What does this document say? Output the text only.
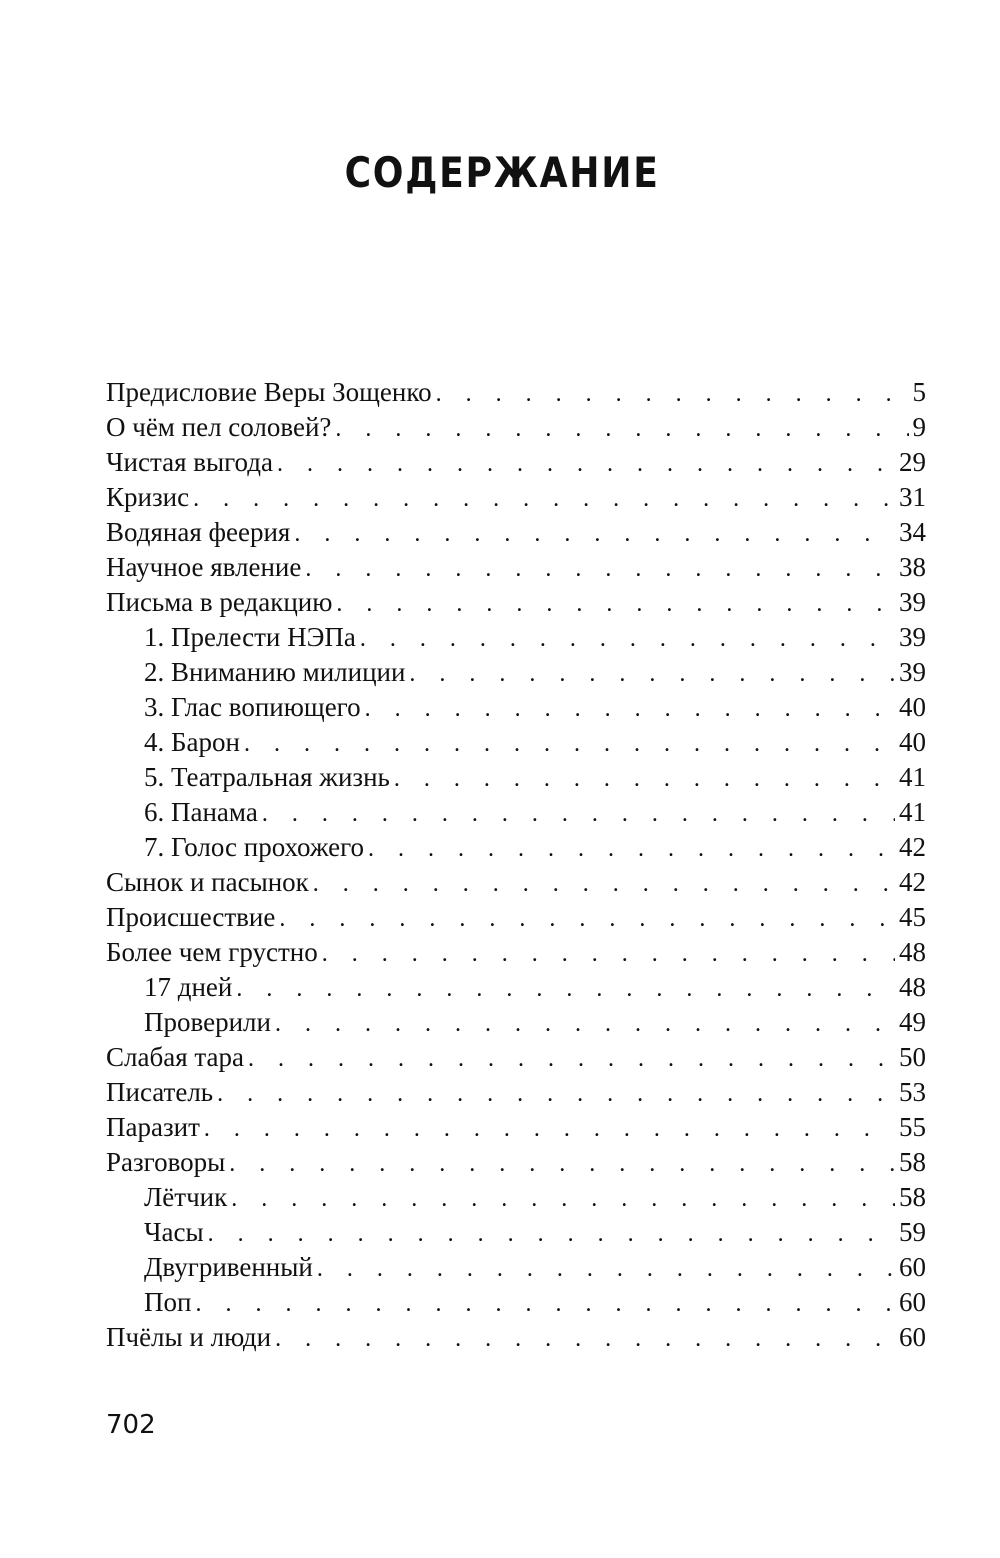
СОДЕРЖАНИЕ
Предисловие Веры Зощенко . . .	5
О чём пел соловей? . . .	9
Чистая выгода . . .	29
Кризис . . .	31
Водяная феерия . . .	34
Научное явление . . .	38
Письма в редакцию . . .	39
1. Прелести НЭПа . . .	39
2. Вниманию милиции . . .	39
3. Глас вопиющего . . .	40
4. Барон . . .	40
5. Театральная жизнь . . .	41
6. Панама . . .	41
7. Голос прохожего . . .	42
Сынок и пасынок . . .	42
Происшествие . . .	45
Более чем грустно . . .	48
17 дней . . .	48
Проверили . . .	49
Слабая тара . . .	50
Писатель . . .	53
Паразит . . .	55
Разговоры . . .	58
Лётчик . . .	58
Часы . . .	59
Двугривенный . . .	60
Поп . . .	60
Пчёлы и люди . . .	60
702
